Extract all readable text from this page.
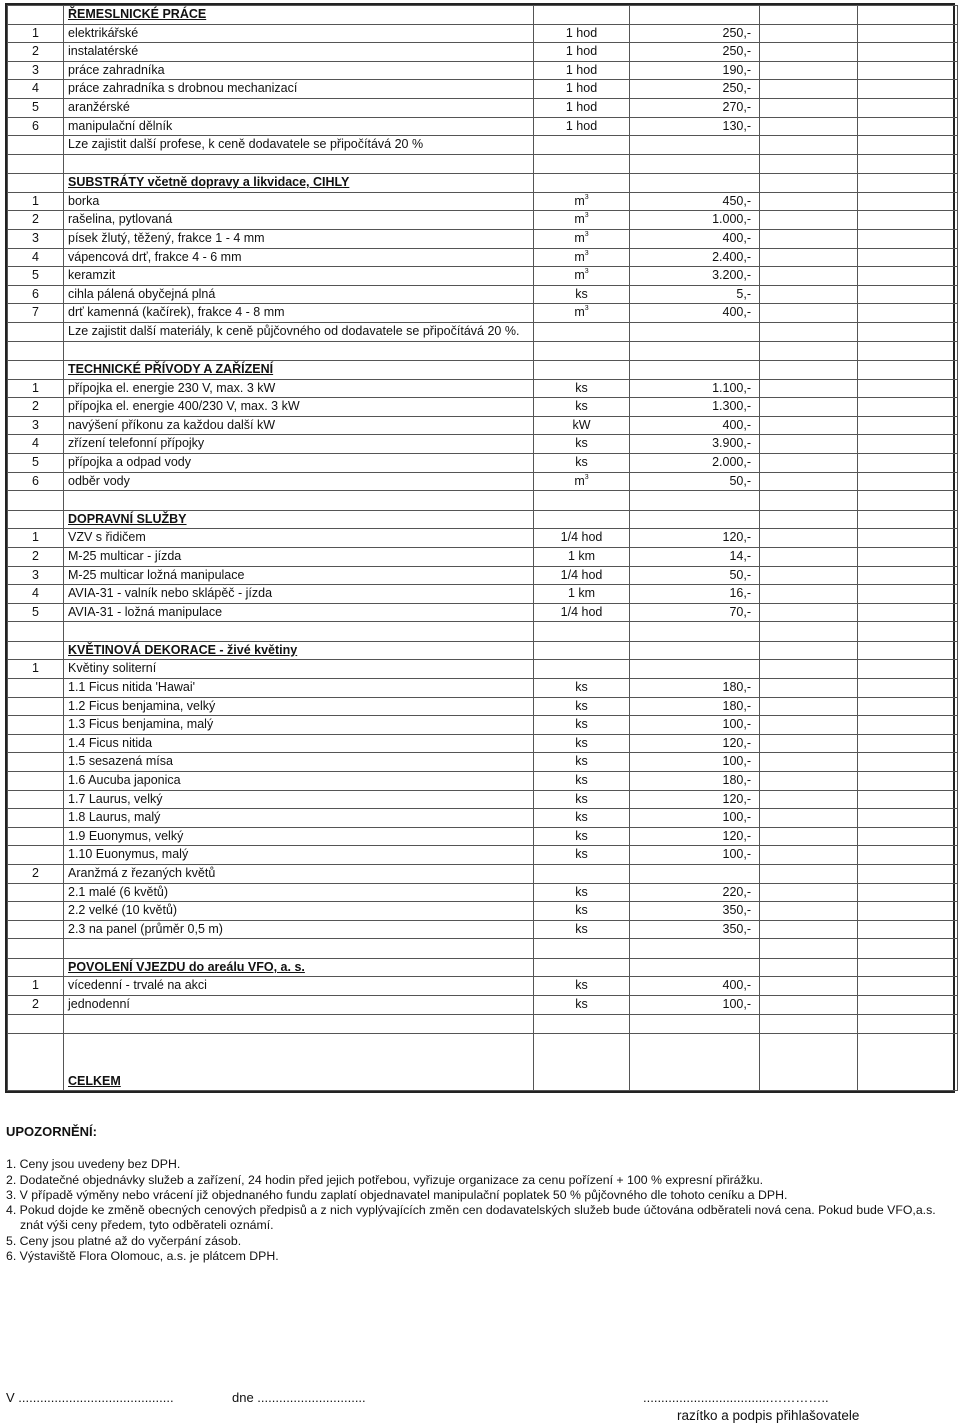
	ŘEMESLNICKÉ PRÁCE				
1	elektrikářské	1 hod	250,-		
2	instalatérské	1 hod	250,-		
3	práce zahradníka	1 hod	190,-		
4	práce zahradníka s drobnou mechanizací	1 hod	250,-		
5	aranžérské	1 hod	270,-		
6	manipulační dělník	1 hod	130,-		
	Lze zajistit další profese, k ceně dodavatele se připočítává 20 %				

	SUBSTRÁTY včetně dopravy a likvidace, CIHLY				
1	borka	$m^3$	450,-		
2	rašelina, pytlovaná	$m^3$	1.000,-		
3	písek žlutý, těžený, frakce 1 - 4 mm	$m^3$	400,-		
4	vápencová drť, frakce 4 - 6 mm	$m^3$	2.400,-		
5	keramzit	$m^3$	3.200,-		
6	cihla pálená obyčejná plná	ks	5,-		
7	drť kamenná (kačírek), frakce 4 - 8 mm	$m^3$	400,-		
	Lze zajistit další materiály, k ceně půjčovného od dodavatele se připočítává 20 %.				

	TECHNICKÉ PŘÍVODY A ZAŘÍZENÍ				
1	přípojka el. energie 230 V, max. 3 kW	ks	1.100,-		
2	přípojka el. energie 400/230 V, max. 3 kW	ks	1.300,-		
3	navýšení příkonu za každou další kW	kW	400,-		
4	zřízení telefonní přípojky	ks	3.900,-		
5	přípojka a odpad vody	ks	2.000,-		
6	odběr vody	$m^3$	50,-		

	DOPRAVNÍ SLUŽBY				
1	VZV s řidičem	1/4 hod	120,-		
2	M-25 multicar - jízda	1 km	14,-		
3	M-25 multicar ložná manipulace	1/4 hod	50,-		
4	AVIA-31 - valník nebo sklápěč - jízda	1 km	16,-		
5	AVIA-31 - ložná manipulace	1/4 hod	70,-		

	KVĚTINOVÁ DEKORACE - živé květiny				
1	Květiny soliterní				
	1.1 Ficus nitida 'Hawai'	ks	180,-		
	1.2 Ficus benjamina, velký	ks	180,-		
	1.3 Ficus benjamina, malý	ks	100,-		
	1.4 Ficus nitida	ks	120,-		
	1.5 sesazená mísa	ks	100,-		
	1.6 Aucuba japonica	ks	180,-		
	1.7 Laurus, velký	ks	120,-		
	1.8 Laurus, malý	ks	100,-		
	1.9 Euonymus, velký	ks	120,-		
	1.10 Euonymus, malý	ks	100,-		
2	Aranžmá z řezaných květů				
	2.1 malé (6 květů)	ks	220,-		
	2.2 velké (10 květů)	ks	350,-		
	2.3 na panel (průměr 0,5 m)	ks	350,-		

	POVOLENÍ VJEZDU do areálu VFO, a. s.				
1	vícedenní - trvalé na akci	ks	400,-		
2	jednodenní	ks	100,-		

	CELKEM				
UPOZORNĚNÍ:
1. Ceny jsou uvedeny bez DPH.
2. Dodatečné objednávky služeb a zařízení, 24 hodin před jejich potřebou, vyřizuje organizace za cenu pořízení + 100 % expresní přirážku.
3. V případě výměny nebo vrácení již objednaného fundu zaplatí objednavatel manipulační poplatek 50 % půjčovného dle tohoto ceníku a DPH.
4. Pokud dojde ke změně obecných cenových předpisů a z nich vyplývajících změn cen dodavatelských služeb bude účtována odběrateli nová cena. Pokud bude VFO,a.s. znát výši ceny předem, tyto odběrateli oznámí.
5. Ceny jsou platné až do vyčerpání zásob.
6. Výstaviště Flora Olomouc, a.s. je plátcem DPH.
V ...........................................	dne ..............................	...................................…………..
razítko a podpis přihlašovatele
